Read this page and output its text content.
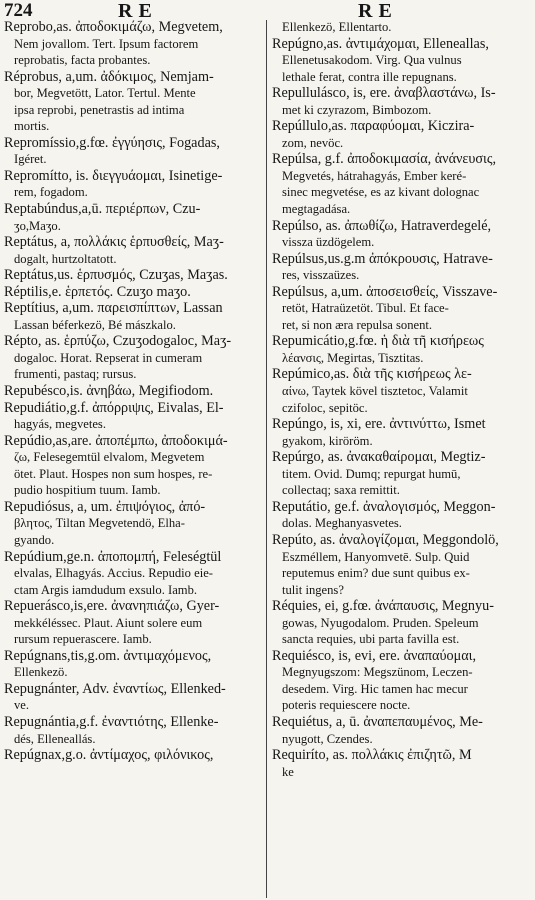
724	RE	RE
Reprobo,as. ἀποδοκιμάζω, Megvetem,
Nem jovallom. Tert. Ipsum factorem
reprobatis, facta probantes.
Réprobus, a,um. ἀδόκιμος, Nemjam-
bor, Megvetött, Lator. Tertul. Mente
ipsa reprobi, penetrastis ad intima
mortis.
Repromíssio,g.fœ. ἐγγύησις, Fogadas,
Igéret.
Repromítto, is. διεγγυάομαι, Isinetige-
rem, fogadom.
Reptabúndus,a,ū. περιέρπων, Czu-
ʒo,Maʒo.
Reptátus, a, πολλάκις ἑρπυσθείς, Maʒ-
dogalt, hurtzoltatott.
Reptátus,us. ἑρπυσμός, Czuʒas, Maʒas.
Réptilis,e. ἑρπετός. Czuʒo maʒo.
Reptítius, a,um. παρεισπίπτων, Lassan
Lassan béferkezö, Bé mászkalo.
Répto, as. ἑρπύζω, Czuʒodogaloc, Maʒ-
dogaloc. Horat. Repserat in cumeram
frumenti, pastaq; rursus.
Repubésco,is. ἀνηβάω, Megifiodom.
Repudiátio,g.f. ἀπόρριψις, Eivalas, El-
hagyás, megvetes.
Repúdio,as,are. ἀποπέμπω, ἀποδοκιμά-
ζω, Felesegemtül elvalom, Megvetem
ötet. Plaut. Hospes non sum hospes, re-
pudio hospitium tuum. Iamb.
Repudiósus, a, um. ἐπιψόγιος, ἀπό-
βλητος, Tiltan Megvetendö, Elha-
gyando.
Repúdium,ge.n. ἀποπομπή, Feleségtül
elvalas, Elhagyás. Accius. Repudio eie-
ctam Argis iamdudum exsulo. Iamb.
Repuerásco,is,ere. ἀνανηπιάζω, Gyer-
mekkéléssec. Plaut. Aiunt solere eum
rursum repuerascere. Iamb.
Repúgnans,tis,g.om. ἀντιμαχόμενος,
Ellenkezö.
Repugnánter, Adv. ἐναντίως, Ellenked-
ve.
Repugnántia,g.f. ἐναντιότης, Ellenke-
dés, Elleneallás.
Repúgnax,g.o. ἀντίμαχος, φιλόνικος,
Ellenkezö, Ellentarto.
Repúgno,as. ἀντιμάχομαι, Elleneallas,
Ellenetusakodom. Virg. Qua vulnus
lethale ferat, contra ille repugnans.
Repullulásco, is, ere. ἀναβλαστάνω, Is-
met ki czyrazom, Bimbozom.
Repúllulo,as. παραφύομαι, Kiczira-
zom, nevöc.
Repúlsa, g.f. ἀποδοκιμασία, ἀνάνευσις,
Megvetés, hátrahagyás, Ember keré-
sinec megvetése, es az kivant dolognac
megtagadása.
Repúlso, as. ἀπωθίζω, Hatraverdegelé,
vissza üzdögelem.
Repúlsus,us.g.m ἀπόκρουσις, Hatrave-
res, visszaüzes.
Repúlsus, a,um. ἀποσεισθείς, Visszave-
retöt, Hatraüzetöt. Tibul. Et face-
ret, si non æra repulsa sonent.
Repumicátio,g.fœ. ἡ διὰ τῆ κισήρεως
λέανσις, Megirtas, Tisztitas.
Repúmico,as. διὰ τῆς κισήρεως λε-
αίνω, Taytek kövel tisztetoc, Valamit
czifoloc, sepitöc.
Repúngo, is, xi, ere. ἀντινύττω, Ismet
gyakom, kiröröm.
Repúrgo, as. ἀνακαθαίρομαι, Megtiz-
titem. Ovid. Dumq; repurgat humū,
collectaq; saxa remittit.
Reputátio, ge.f. ἀναλογισμός, Meggon-
dolas. Meghanyasvetes.
Repúto, as. ἀναλογίζομαι, Meggondolö,
Eszméllem, Hanyomvetē. Sulp. Quid
reputemus enim? due sunt quibus ex-
tulit ingens?
Réquies, ei, g.fœ. ἀνάπαυσις, Megnyu-
gowas, Nyugodalom. Pruden. Speleum
sancta requies, ubi parta favilla est.
Requiésco, is, evi, ere. ἀναπαύομαι,
Megnyugszom: Megszünom, Leczen-
desedem. Virg. Hic tamen hac mecur
poteris requiescere nocte.
Requiétus, a, ū. ἀναπεπαυμένος, Me-
nyugott, Czendes.
Requiríto, as. πολλάκις ἐπιζητῶ, M
ke
